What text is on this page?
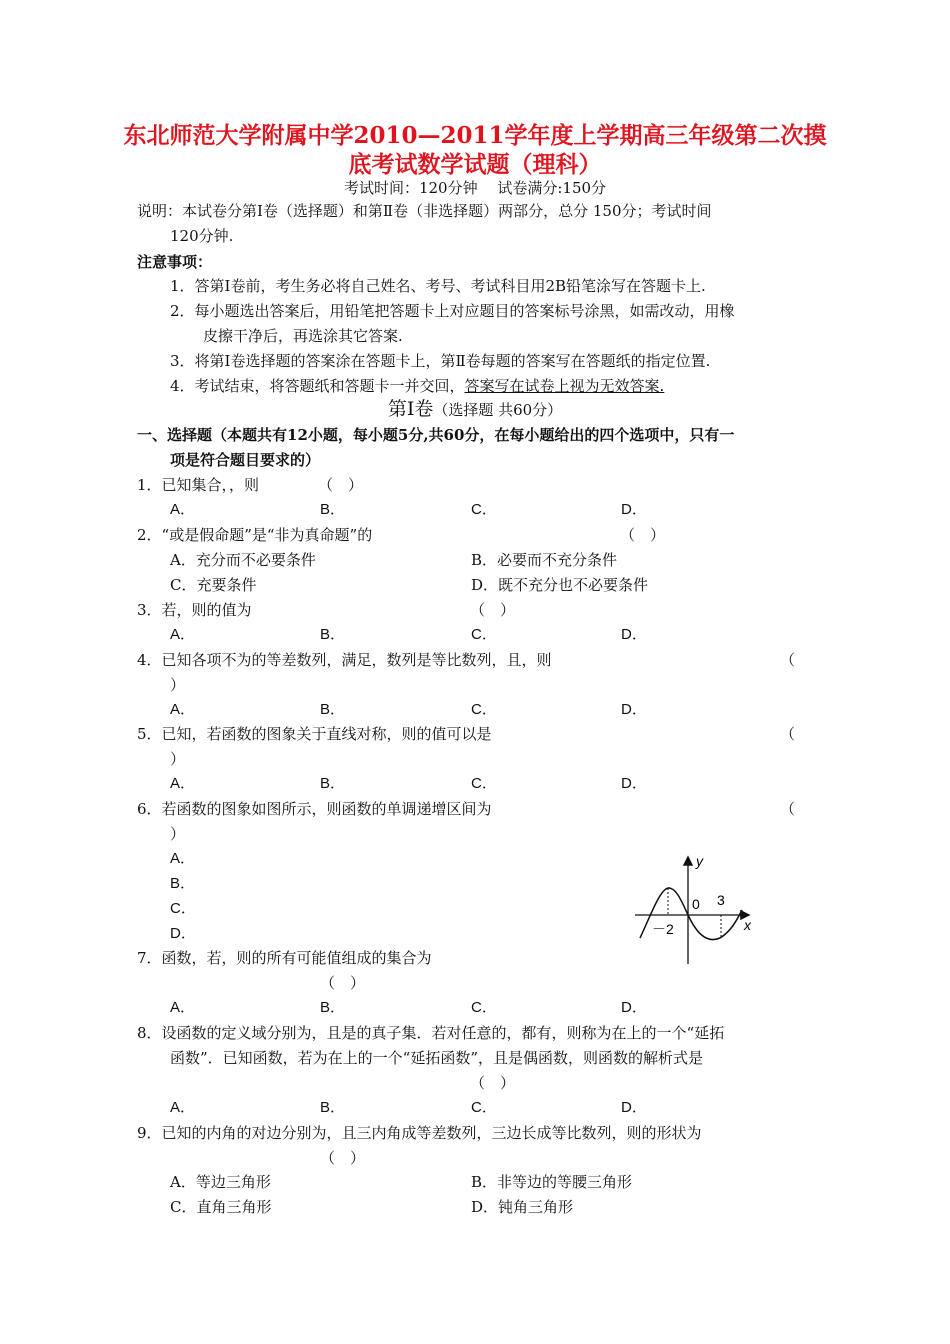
东北师范大学附属中学2010—2011学年度上学期高三年级第二次摸
底考试数学试题（理科）
考试时间：120分钟　 试卷满分:150分
说明：本试卷分第Ⅰ卷（选择题）和第Ⅱ卷（非选择题）两部分，总分 150分；考试时间
120分钟.
注意事项：
1．答第Ⅰ卷前，考生务必将自己姓名、考号、考试科目用2B铅笔涂写在答题卡上.
2．每小题选出答案后，用铅笔把答题卡上对应题目的答案标号涂黑，如需改动，用橡
皮擦干净后，再选涂其它答案.
3．将第Ⅰ卷选择题的答案涂在答题卡上，第Ⅱ卷每题的答案写在答题纸的指定位置.
4．考试结束，将答题纸和答题卡一并交回，答案写在试卷上视为无效答案.
第Ⅰ卷（选择题 共60分）
一、选择题（本题共有12小题，每小题5分,共60分，在每小题给出的四个选项中，只有一
项是符合题目要求的）
1．已知集合，，则	（　）
A．	B．	C．	D．
2．“或是假命题”是“非为真命题”的	（　）
A．充分而不必要条件	B．必要而不充分条件
C．充要条件	D．既不充分也不必要条件
3．若，则的值为	（　）
A．	B．	C．	D．
4．已知各项不为的等差数列，满足，数列是等比数列，且，则	（
）
A．	B．	C．	D．
5．已知，若函数的图象关于直线对称，则的值可以是	（
）
A．	B．	C．	D．
6．若函数的图象如图所示，则函数的单调递增区间为	（
）
A．
B．
C．
D．
y
x
0 3
－2
7．函数，若，则的所有可能值组成的集合为
（　）
A．	B．	C．	D．
8．设函数的定义域分别为，且是的真子集．若对任意的，都有，则称为在上的一个“延拓
函数”．已知函数，若为在上的一个“延拓函数”，且是偶函数，则函数的解析式是
（　）
A．	B．	C．	D．
9．已知的内角的对边分别为，且三内角成等差数列，三边长成等比数列，则的形状为
（　）
A．等边三角形	B．非等边的等腰三角形
C．直角三角形	D．钝角三角形
